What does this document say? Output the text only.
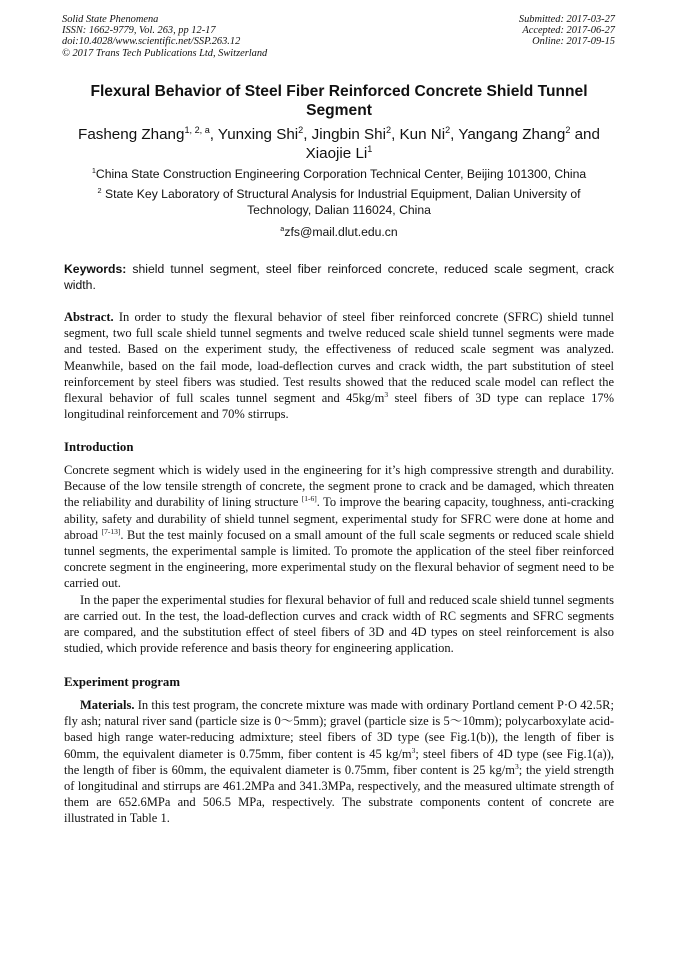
Solid State Phenomena
ISSN: 1662-9779, Vol. 263, pp 12-17
doi:10.4028/www.scientific.net/SSP.263.12
© 2017 Trans Tech Publications Ltd, Switzerland
Submitted: 2017-03-27
Accepted: 2017-06-27
Online: 2017-09-15
Flexural Behavior of Steel Fiber Reinforced Concrete Shield Tunnel Segment
Fasheng Zhang$^{1, 2, a}$, Yunxing Shi$^2$, Jingbin Shi$^2$, Kun Ni$^2$, Yangang Zhang$^2$ and Xiaojie Li$^1$
$^1$China State Construction Engineering Corporation Technical Center, Beijing 101300, China
$^2$ State Key Laboratory of Structural Analysis for Industrial Equipment, Dalian University of Technology, Dalian 116024, China
$^a$zfs@mail.dlut.edu.cn
Keywords: shield tunnel segment, steel fiber reinforced concrete, reduced scale segment, crack width.
Abstract. In order to study the flexural behavior of steel fiber reinforced concrete (SFRC) shield tunnel segment, two full scale shield tunnel segments and twelve reduced scale shield tunnel segments were made and tested. Based on the experiment study, the effectiveness of reduced scale segment was analyzed. Meanwhile, based on the fail mode, load-deflection curves and crack width, the part substitution of steel reinforcement by steel fibers was studied. Test results showed that the reduced scale model can reflect the flexural behavior of full scales tunnel segment and $45kg/m^3$ steel fibers of 3D type can replace 17% longitudinal reinforcement and 70% stirrups.
Introduction

Concrete segment which is widely used in the engineering for it’s high compressive strength and durability. Because of the low tensile strength of concrete, the segment prone to crack and be damaged, which threaten the reliability and durability of lining structure [1-6]. To improve the bearing capacity, toughness, anti-cracking ability, safety and durability of shield tunnel segment, experimental study for SFRC were done at home and abroad [7-13]. But the test mainly focused on a small amount of the full scale segments or reduced scale shield tunnel segments, the experimental sample is limited. To promote the application of the steel fiber reinforced concrete segment in the engineering, more experimental study on the flexural behavior of segment need to be carried out.

In the paper the experimental studies for flexural behavior of full and reduced scale shield tunnel segments are carried out. In the test, the load-deflection curves and crack width of RC segments and SFRC segments are compared, and the substitution effect of steel fibers of 3D and 4D types on steel reinforcement is also studied, which provide reference and basis theory for engineering application.

Experiment program

Materials. In this test program, the concrete mixture was made with ordinary Portland cement P·O 42.5R; fly ash; natural river sand (particle size is 0～5mm); gravel (particle size is 5～10mm); polycarboxylate acid-based high range water-reducing admixture; steel fibers of 3D type (see Fig.1(b)), the length of fiber is 60mm, the equivalent diameter is 0.75mm, fiber content is 45 $kg/m^3$; steel fibers of 4D type (see Fig.1(a)), the length of fiber is 60mm, the equivalent diameter is 0.75mm, fiber content is 25 $kg/m^3$; the yield strength of longitudinal and stirrups are 461.2MPa and 341.3MPa, respectively, and the measured ultimate strength of them are 652.6MPa and 506.5 MPa, respectively. The substrate components content of concrete are illustrated in Table 1.
